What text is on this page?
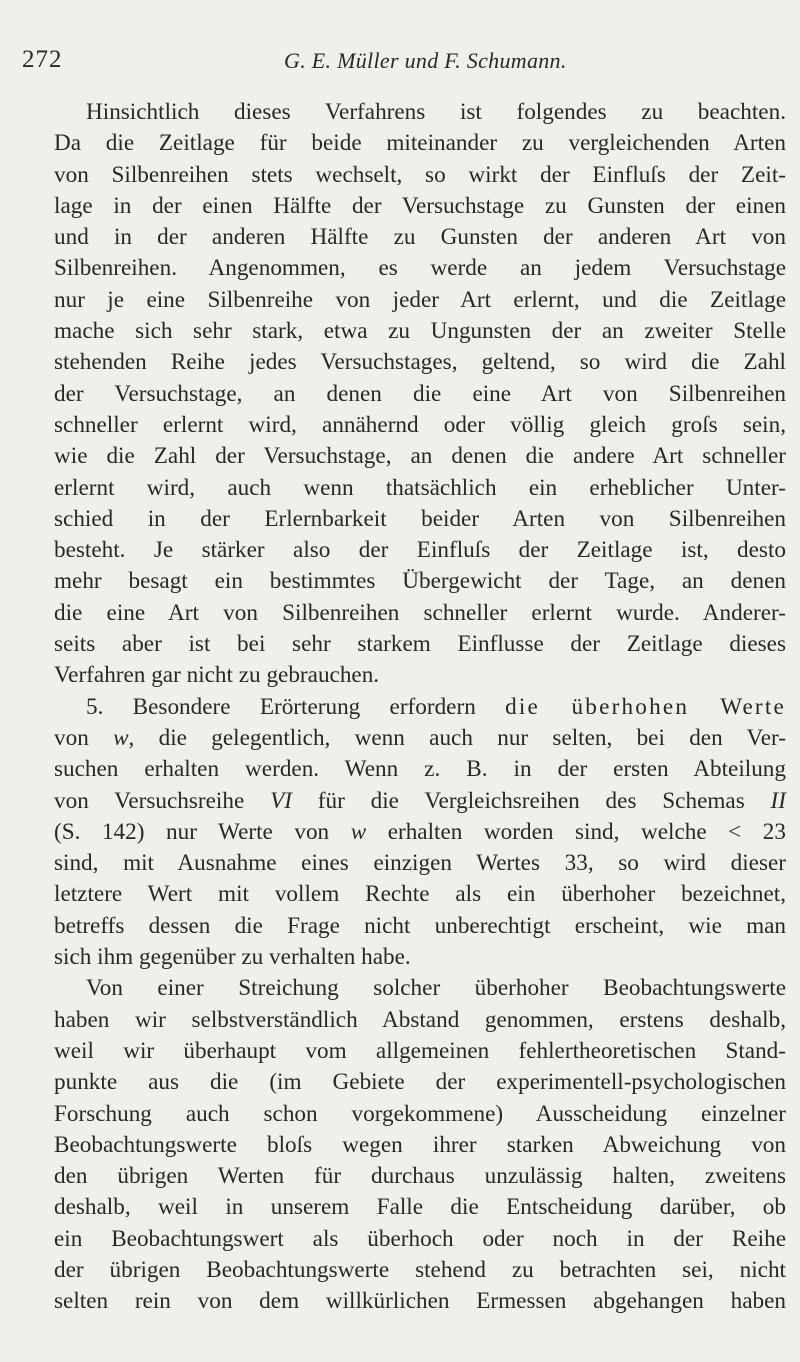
272	G. E. Müller und F. Schumann.
Hinsichtlich dieses Verfahrens ist folgendes zu beachten.
Da die Zeitlage für beide miteinander zu vergleichenden Arten
von Silbenreihen stets wechselt, so wirkt der Einfluſs der Zeit-
lage in der einen Hälfte der Versuchstage zu Gunsten der einen
und in der anderen Hälfte zu Gunsten der anderen Art von
Silbenreihen. Angenommen, es werde an jedem Versuchstage
nur je eine Silbenreihe von jeder Art erlernt, und die Zeitlage
mache sich sehr stark, etwa zu Ungunsten der an zweiter Stelle
stehenden Reihe jedes Versuchstages, geltend, so wird die Zahl
der Versuchstage, an denen die eine Art von Silbenreihen
schneller erlernt wird, annähernd oder völlig gleich groſs sein,
wie die Zahl der Versuchstage, an denen die andere Art schneller
erlernt wird, auch wenn thatsächlich ein erheblicher Unter-
schied in der Erlernbarkeit beider Arten von Silbenreihen
besteht. Je stärker also der Einfluſs der Zeitlage ist, desto
mehr besagt ein bestimmtes Übergewicht der Tage, an denen
die eine Art von Silbenreihen schneller erlernt wurde. Anderer-
seits aber ist bei sehr starkem Einflusse der Zeitlage dieses
Verfahren gar nicht zu gebrauchen.
5. Besondere Erörterung erfordern die überhohen Werte
von w, die gelegentlich, wenn auch nur selten, bei den Ver-
suchen erhalten werden. Wenn z. B. in der ersten Abteilung
von Versuchsreihe VI für die Vergleichsreihen des Schemas II
(S. 142) nur Werte von w erhalten worden sind, welche < 23
sind, mit Ausnahme eines einzigen Wertes 33, so wird dieser
letztere Wert mit vollem Rechte als ein überhoher bezeichnet,
betreffs dessen die Frage nicht unberechtigt erscheint, wie man
sich ihm gegenüber zu verhalten habe.
Von einer Streichung solcher überhoher Beobachtungswerte
haben wir selbstverständlich Abstand genommen, erstens deshalb,
weil wir überhaupt vom allgemeinen fehlertheoretischen Stand-
punkte aus die (im Gebiete der experimentell-psychologischen
Forschung auch schon vorgekommene) Ausscheidung einzelner
Beobachtungswerte bloſs wegen ihrer starken Abweichung von
den übrigen Werten für durchaus unzulässig halten, zweitens
deshalb, weil in unserem Falle die Entscheidung darüber, ob
ein Beobachtungswert als überhoch oder noch in der Reihe
der übrigen Beobachtungswerte stehend zu betrachten sei, nicht
selten rein von dem willkürlichen Ermessen abgehangen haben
